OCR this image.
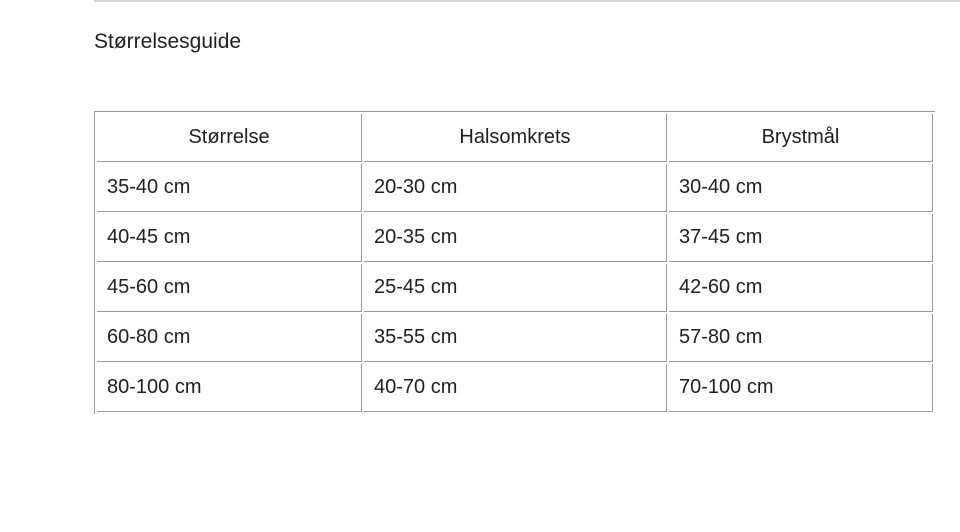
Størrelsesguide
Størrelse	Halsomkrets	Brystmål
35-40 cm	20-30 cm	30-40 cm
40-45 cm	20-35 cm	37-45 cm
45-60 cm	25-45 cm	42-60 cm
60-80 cm	35-55 cm	57-80 cm
80-100 cm	40-70 cm	70-100 cm
